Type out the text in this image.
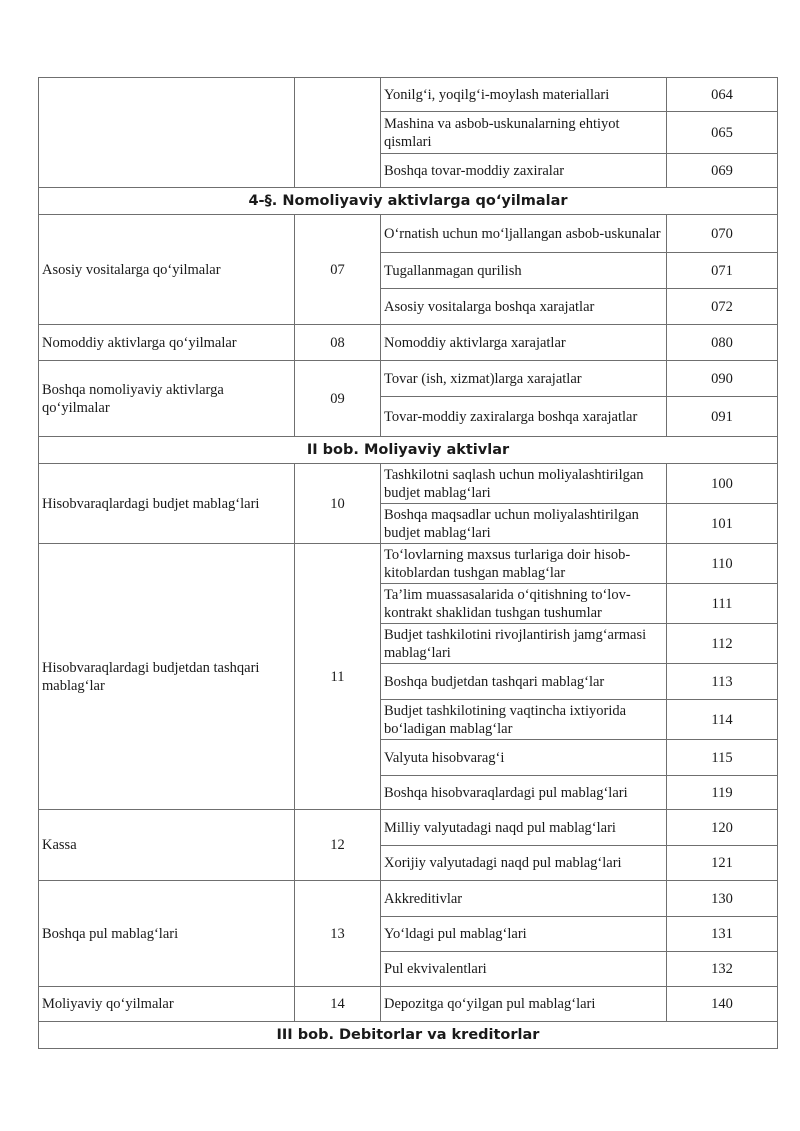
		Yonilg‘i, yoqilg‘i-moylash materiallari	064
		Mashina va asbob-uskunalarning ehtiyot qismlari	065
		Boshqa tovar-moddiy zaxiralar	069
4-§. Nomoliyaviy aktivlarga qo‘yilmalar			
Asosiy vositalarga qo‘yilmalar	07	O‘rnatish uchun mo‘ljallangan asbob-uskunalar	070
		Tugallanmagan qurilish	071
		Asosiy vositalarga boshqa xarajatlar	072
Nomoddiy aktivlarga qo‘yilmalar	08	Nomoddiy aktivlarga xarajatlar	080
Boshqa nomoliyaviy aktivlarga qo‘yilmalar	09	Tovar (ish, xizmat)larga xarajatlar	090
		Tovar-moddiy zaxiralarga boshqa xarajatlar	091
II bob. Moliyaviy aktivlar			
Hisobvaraqlardagi budjet mablag‘lari	10	Tashkilotni saqlash uchun moliyalashtirilgan budjet mablag‘lari	100
		Boshqa maqsadlar uchun moliyalashtirilgan budjet mablag‘lari	101
Hisobvaraqlardagi budjetdan tashqari mablag‘lar	11	To‘lovlarning maxsus turlariga doir hisob-kitoblardan tushgan mablag‘lar	110
		Ta’lim muassasalarida o‘qitishning to‘lov-kontrakt shaklidan tushgan tushumlar	111
		Budjet tashkilotini rivojlantirish jamg‘armasi mablag‘lari	112
		Boshqa budjetdan tashqari mablag‘lar	113
		Budjet tashkilotining vaqtincha ixtiyorida bo‘ladigan mablag‘lar	114
		Valyuta hisobvarag‘i	115
		Boshqa hisobvaraqlardagi pul mablag‘lari	119
Kassa	12	Milliy valyutadagi naqd pul mablag‘lari	120
		Xorijiy valyutadagi naqd pul mablag‘lari	121
Boshqa pul mablag‘lari	13	Akkreditivlar	130
		Yo‘ldagi pul mablag‘lari	131
		Pul ekvivalentlari	132
Moliyaviy qo‘yilmalar	14	Depozitga qo‘yilgan pul mablag‘lari	140
III bob. Debitorlar va kreditorlar			
